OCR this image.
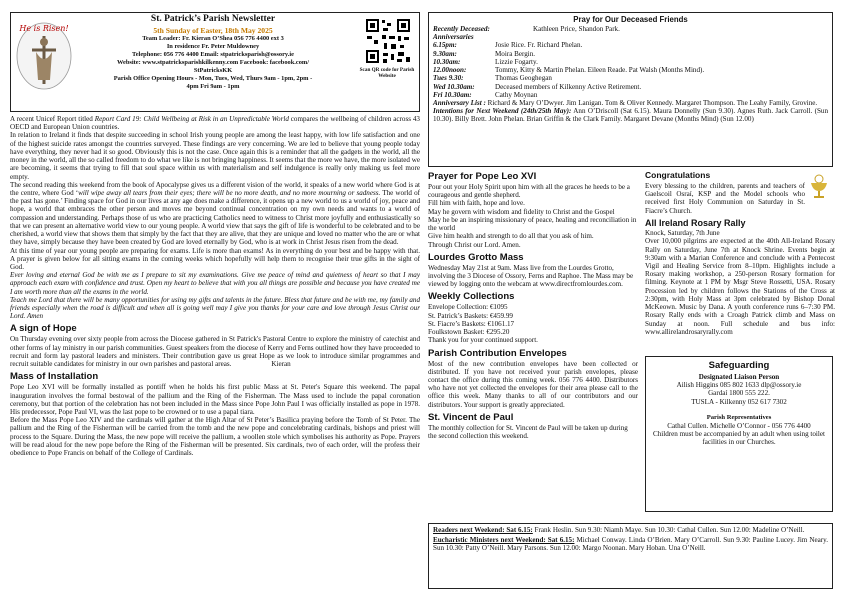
He is Risen!
St. Patrick’s Parish Newsletter
5th Sunday of Easter, 18th May 2025
Team Leader: Fr. Kieran O’Shea 056 776 4400 ext 3
In residence Fr. Peter Muldowney
Telephone: 056 776 4400 Email: stpatricksparish@ossory.ie
Website: www.stpatricksparishkilkenny.com Facebook: facebook.com/
StPatricksKK
Parish Office Opening Hours - Mon, Tues, Wed, Thurs 9am - 1pm, 2pm -
4pm Fri 9am - 1pm
Scan QR code for Parish Website

A recent Unicef Report titled Report Card 19: Child Wellbeing at Risk in an Unpredictable World compares the wellbeing of children across 43 OECD and European Union countries.

In relation to Ireland it finds that despite succeeding in school Irish young people are among the least happy, with low life satisfaction and one of the highest suicide rates amongst the countries surveyed. These findings are very concerning. We are led to believe that young people today have everything, they never had it so good. Obviously this is not the case. Once again this is a reminder that all the gadgets in the world, all the money in the world, all the so called freedom to do what we like is not bringing happiness. It seems that the more we have, the more isolated we are becoming, it seems that trying to fill that soul space within us with materialism and self indulgence is really only making us feel more empty.

The second reading this weekend from the book of Apocalypse gives us a different vision of the world, it speaks of a new world where God is at the centre, where God ‘will wipe away all tears from their eyes; there will be no more death, and no more mourning or sadness. The world of the past has gone.’ Finding space for God in our lives at any age does make a difference, it opens up a new world to us a world of joy, peace and hope, a world that embraces the other person and moves me beyond continual concentration on my own needs and wants to a world of compassion and understanding. Perhaps those of us who are practicing Catholics need to witness to Christ more joyfully and enthusiastically so that we can present an alternative world view to our young people. A world view that says the gift of life is wonderful to be celebrated and to be cherished, a world view that shows them that simply by the fact that they are alive, that they are unique and loved no matter who the are or what they have, simply because they have been created by God are loved eternally by God, who is at work in Christ Jesus risen from the dead.

At this time of year our young people are preparing for exams. Life is more than exams! As in everything do your best and be happy with that. A prayer is given below for all sitting exams in the coming weeks which hopefully will help them to recognise their true gifts in the sight of God.

Ever loving and eternal God be with me as I prepare to sit my examinations. Give me peace of mind and quietness of heart so that I may approach each exam with confidence and trust. Open my heart to believe that with you all things are possible and because you have created me I am worth more than all the exams in the world.

Teach me Lord that there will be many opportunities for using my gifts and talents in the future. Bless that future and be with me, my family and friends especially when the road is difficult and when all is going well may I give you thanks for your care and love through Jesus Christ our Lord. Amen

A sign of Hope

On Thursday evening over sixty people from across the Diocese gathered in St Patrick's Pastoral Centre to explore the ministry of catechist and other forms of lay ministry in our parish communities. Guest speakers from the diocese of Kerry and Ferns outlined how they have proceeded to recruit and form lay pastoral leaders and ministers. Their contribution gave us great Hope as we look to introduce similar programmes and recruit suitable candidates for ministry in our own parishes and pastoral areas.	Kieran

Mass of Installation

Pope Leo XVI will be formally installed as pontiff when he holds his first public Mass at St. Peter's Square this weekend. The papal inauguration involves the formal bestowal of the pallium and the Ring of the Fisherman. The Mass used to include the papal coronation ceremony, but that portion of the celebration has not been included in the Mass since Pope John Paul I was officially installed as pope in 1978. His predecessor, Pope Paul VI, was the last pope to be crowned or to use a papal tiara.

Before the Mass Pope Leo XIV and the cardinals will gather at the High Altar of St Peter’s Basilica praying before the Tomb of St Peter. The pallium and the Ring of the Fisherman will be carried from the tomb and the new pope and concelebrating cardinals, bishops and priest will process to the Square. During the Mass, the new pope will receive the pallium, a woollen stole which symbolises his authority as Pope. Prayers will be read aloud for the new pope before the Ring of the Fisherman will be presented. Six cardinals, two of each order, will the profess their obedience to Pope Francis on behalf of the College of Cardinals.

Pray for Our Deceased Friends
Recently Deceased:	Kathleen Price, Shandon Park.
Anniversaries
6.15pm:	Josie Rice. Fr. Richard Phelan.
9.30am:	Moira Bergin.
10.30am:	Lizzie Fogarty.
12.00noon:	Tommy, Kitty & Martin Phelan. Eileen Reade. Pat Walsh (Months Mind).
Tues 9.30:	Thomas Geoghegan
Wed 10.30am:	Deceased members of Kilkenny Active Retirement.
Fri 10.30am:	Cathy Moynan
Anniversary List : Richard & Mary O’Dwyer. Jim Lanigan. Tom & Oliver Kennedy. Margaret Thompson. The Leahy Family, Grovine.
Intentions for Next Weekend (24th/25th May): Ann O’Driscoll (Sat 6.15). Maura Donnelly (Sun 9.30). Agnes Ruth. Jack Carroll. (Sun 10.30). Billy Brett. John Phelan. Brian Griffin & the Clark Family. Margaret Devane (Months Mind) (Sun 12.00)
Prayer for Pope Leo XVI

Pour out your Holy Spirit upon him with all the graces he heeds to be a courageous and gentle shepherd.
Fill him with faith, hope and love.
May he govern with wisdom and fidelity to Christ and the Gospel
May he be an inspiring missionary of peace, healing and reconciliation in the world
Give him health and strength to do all that you ask of him.
Through Christ our Lord. Amen.

Lourdes Grotto Mass

Wednesday May 21st at 9am. Mass live from the Lourdes Grotto, involving the 3 Diocese of Ossory, Ferns and Raphoe. The Mass may be viewed by logging onto the webcam at www.directfromlourdes.com.

Weekly Collections
Envelope Collection: €1095
St. Patrick’s Baskets: €459.99
St. Fiacre’s Baskets: €1061.17
Foulkstown Basket: €295.20
Thank you for your continued support.
Parish Contribution Envelopes

Most of the new contribution envelopes have been collected or distributed. If you have not received your parish envelopes, please contact the office during this coming week. 056 776 4400. Distributors who have not yet collected the envelopes for their area please call to the office this week. Many thanks to all of our contributors and our distributors. Your support is greatly appreciated.

St. Vincent de Paul

The monthly collection for St. Vincent de Paul will be taken up during the second collection this weekend.

Congratulations

Every blessing to the children, parents and teachers of Gaelscoil Osraí, KSP and the Model schools who received first Holy Communion on Saturday in St. Fiacre’s Church.

All Ireland Rosary Rally

Knock, Saturday, 7th June

Over 10,000 pilgrims are expected at the 40th All-Ireland Rosary Rally on Saturday, June 7th at Knock Shrine. Events begin at 9:30am with a Marian Conference and conclude with a Pentecost Vigil and Healing Service from 8–10pm. Highlights include a Rosary making workshop, a 250-person Rosary formation for filming. Keynote at 1 PM by Msgr Steve Rossetti, USA. Rosary Procession led by children follows the Stations of the Cross at 2:30pm, with Holy Mass at 3pm celebrated by Bishop Donal McKeown. Music by Dana. A youth conference runs 6–7:30 PM. Rosary Rally ends with a Croagh Patrick climb and Mass on Sunday at noon. Full schedule and bus info: www.allirelandrosaryrally.com

Safeguarding
Designated Liaison Person
Ailish Higgins 085 802 1633 dlp@ossory.ie
Gardaí 1800 555 222.
TUSLA - Kilkenny 052 617 7302
Parish Representatives
Cathal Cullen. Michelle O’Connor - 056 776 4400
Children must be accompanied by an adult when using toilet facilities in our Churches.

Readers next Weekend: Sat 6.15: Frank Heslin. Sun 9.30: Niamh Maye. Sun 10.30: Cathal Cullen. Sun 12.00: Madeline O’Neill.

Eucharistic Ministers next Weekend: Sat 6.15: Michael Conway. Linda O’Brien. Mary O’Carroll. Sun 9.30: Pauline Lucey. Jim Neary. Sun 10.30: Patty O’Neill. Mary Parsons. Sun 12.00: Margo Noonan. Mary Hoban. Una O’Neill.
